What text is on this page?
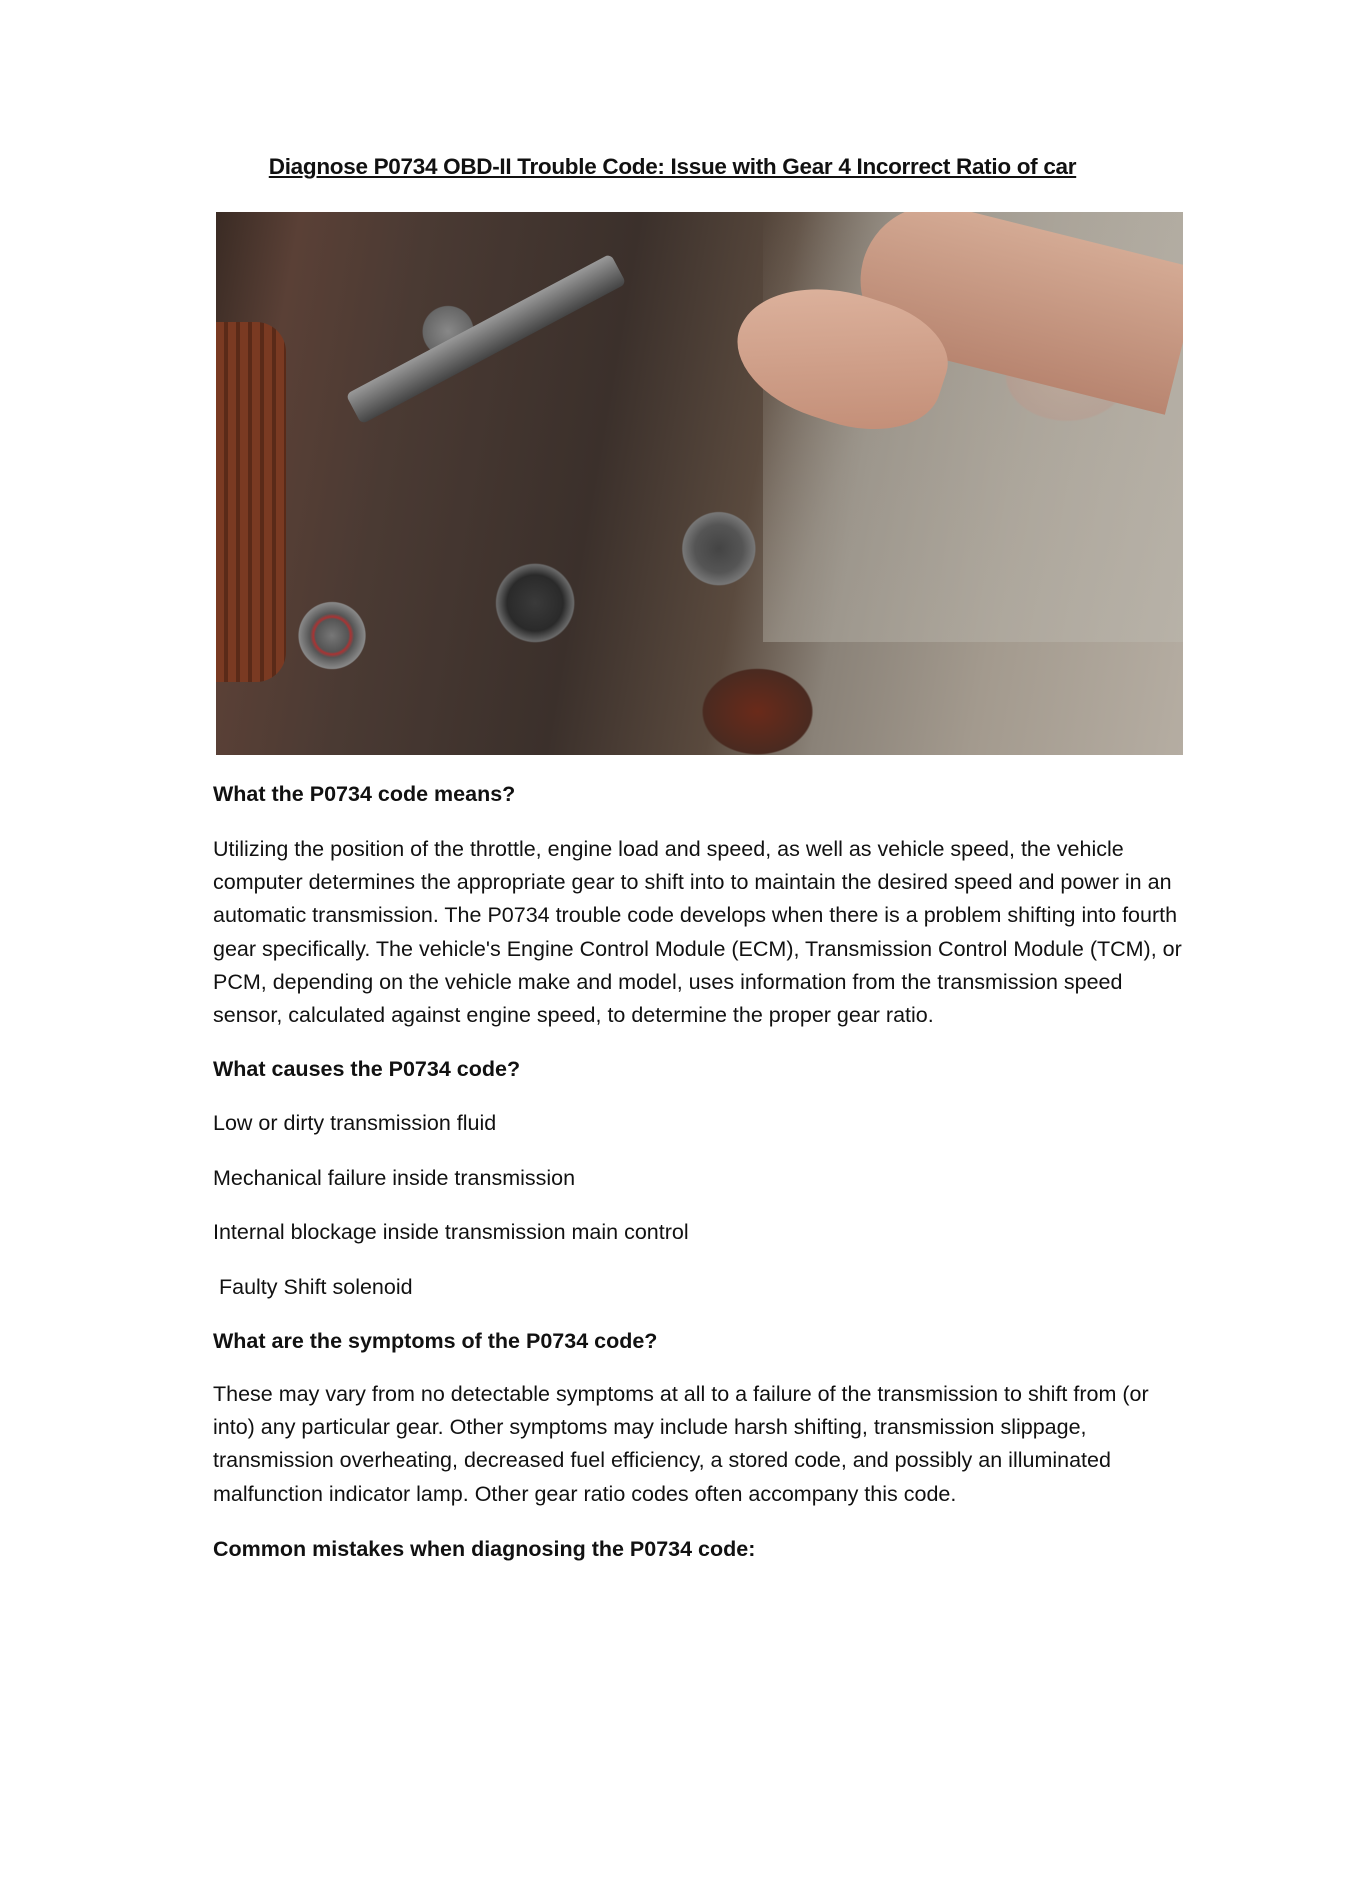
Diagnose P0734 OBD-II Trouble Code: Issue with Gear 4 Incorrect Ratio of car
What the P0734 code means?
Utilizing the position of the throttle, engine load and speed, as well as vehicle speed, the vehicle computer determines the appropriate gear to shift into to maintain the desired speed and power in an automatic transmission. The P0734 trouble code develops when there is a problem shifting into fourth gear specifically. The vehicle's Engine Control Module (ECM), Transmission Control Module (TCM), or PCM, depending on the vehicle make and model, uses information from the transmission speed sensor, calculated against engine speed, to determine the proper gear ratio.
What causes the P0734 code?
Low or dirty transmission fluid
Mechanical failure inside transmission
Internal blockage inside transmission main control
Faulty Shift solenoid
What are the symptoms of the P0734 code?
These may vary from no detectable symptoms at all to a failure of the transmission to shift from (or into) any particular gear. Other symptoms may include harsh shifting, transmission slippage, transmission overheating, decreased fuel efficiency, a stored code, and possibly an illuminated malfunction indicator lamp. Other gear ratio codes often accompany this code.
Common mistakes when diagnosing the P0734 code:
